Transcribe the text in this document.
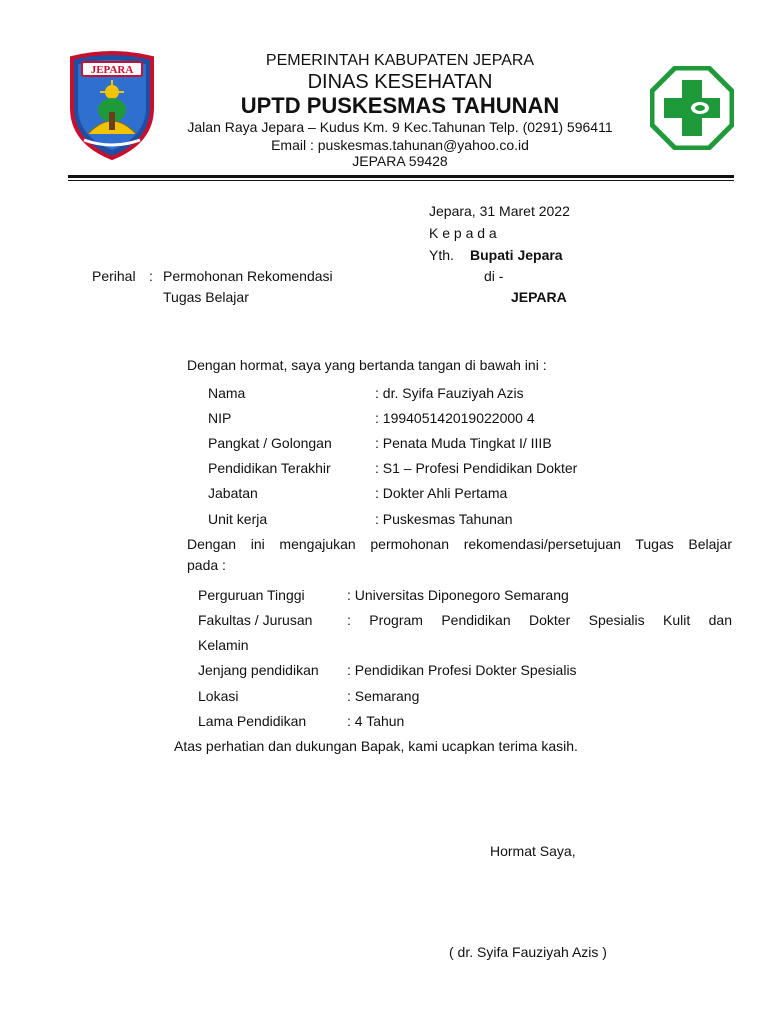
JEPARA
PEMERINTAH KABUPATEN JEPARA
DINAS KESEHATAN
UPTD PUSKESMAS TAHUNAN
Jalan Raya Jepara – Kudus Km. 9 Kec.Tahunan Telp. (0291) 596411
Email : puskesmas.tahunan@yahoo.co.id
JEPARA 59428
Jepara, 31 Maret 2022
K e p a d a
Yth. Bupati Jepara
di -
JEPARA
Perihal : Permohonan Rekomendasi
Tugas Belajar
Dengan hormat, saya yang bertanda tangan di bawah ini :
Nama	: dr. Syifa Fauziyah Azis
NIP	: 199405142019022000 4
Pangkat / Golongan	: Penata Muda Tingkat I/ IIIB
Pendidikan Terakhir	: S1 – Profesi Pendidikan Dokter
Jabatan	: Dokter Ahli Pertama
Unit kerja	: Puskesmas Tahunan
Dengan ini mengajukan permohonan rekomendasi/persetujuan Tugas Belajar
pada :
Perguruan Tinggi	: Universitas Diponegoro Semarang
Fakultas / Jurusan :  Program  Pendidikan  Dokter  Spesialis  Kulit  dan
Kelamin
Jenjang pendidikan : Pendidikan Profesi Dokter Spesialis
Lokasi	: Semarang
Lama Pendidikan	: 4 Tahun
Atas perhatian dan dukungan Bapak, kami ucapkan terima kasih.
Hormat Saya,
( dr. Syifa Fauziyah Azis )
